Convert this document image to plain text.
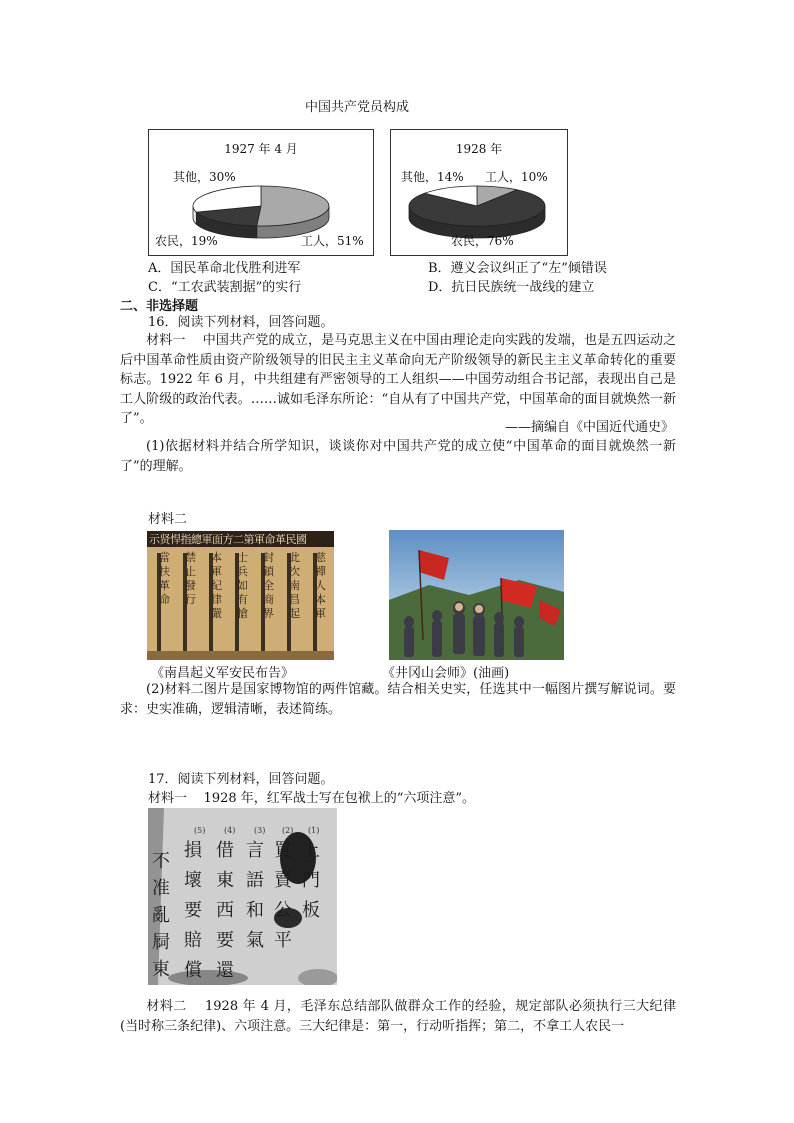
中国共产党员构成
1927 年 4 月
其他，30%
农民，19%	工人，51%
1928 年
其他，14% 工人，10%
农民，76%
A．国民革命北伐胜利进军	B．遵义会议纠正了“左”倾错误
C．“工农武装割据”的实行	D．抗日民族统一战线的建立
二、非选择题
16．阅读下列材料，回答问题。
材料一 中国共产党的成立，是马克思主义在中国由理论走向实践的发端，也是五四运动之后中国革命性质由资产阶级领导的旧民主主义革命向无产阶级领导的新民主主义革命转化的重要标志。1922 年 6 月，中共组建有严密领导的工人组织——中国劳动组合书记部，表现出自己是工人阶级的政治代表。……诚如毛泽东所论：“自从有了中国共产党，中国革命的面目就焕然一新了”。
——摘编自《中国近代通史》
(1)依据材料并结合所学知识，谈谈你对中国共产党的成立使“中国革命的面目就焕然一新了”的理解。
材料二
示贤悍指總軍面方二第軍命革民國
慈禪人本軍
此次南昌起
封鎖全商界
士兵如有搶
本軍紀律嚴
禁止發行
當扶革命
《南昌起义军安民布告》	《井冈山会师》(油画)
(2)材料二图片是国家博物馆的两件馆藏。结合相关史实，任选其中一幅图片撰写解说词。要求：史实准确，逻辑清晰，表述简练。
17．阅读下列材料，回答问题。
材料一 1928 年，红军战士写在包袱上的“六项注意”。
(5) (4) (3) (2) (1)
不准亂屙東
損壞要賠償
借東西要還
言語和氣
買賣公平
上門板
材料二 1928 年 4 月，毛泽东总结部队做群众工作的经验，规定部队必须执行三大纪律(当时称三条纪律)、六项注意。三大纪律是：第一，行动听指挥；第二，不拿工人农民一
